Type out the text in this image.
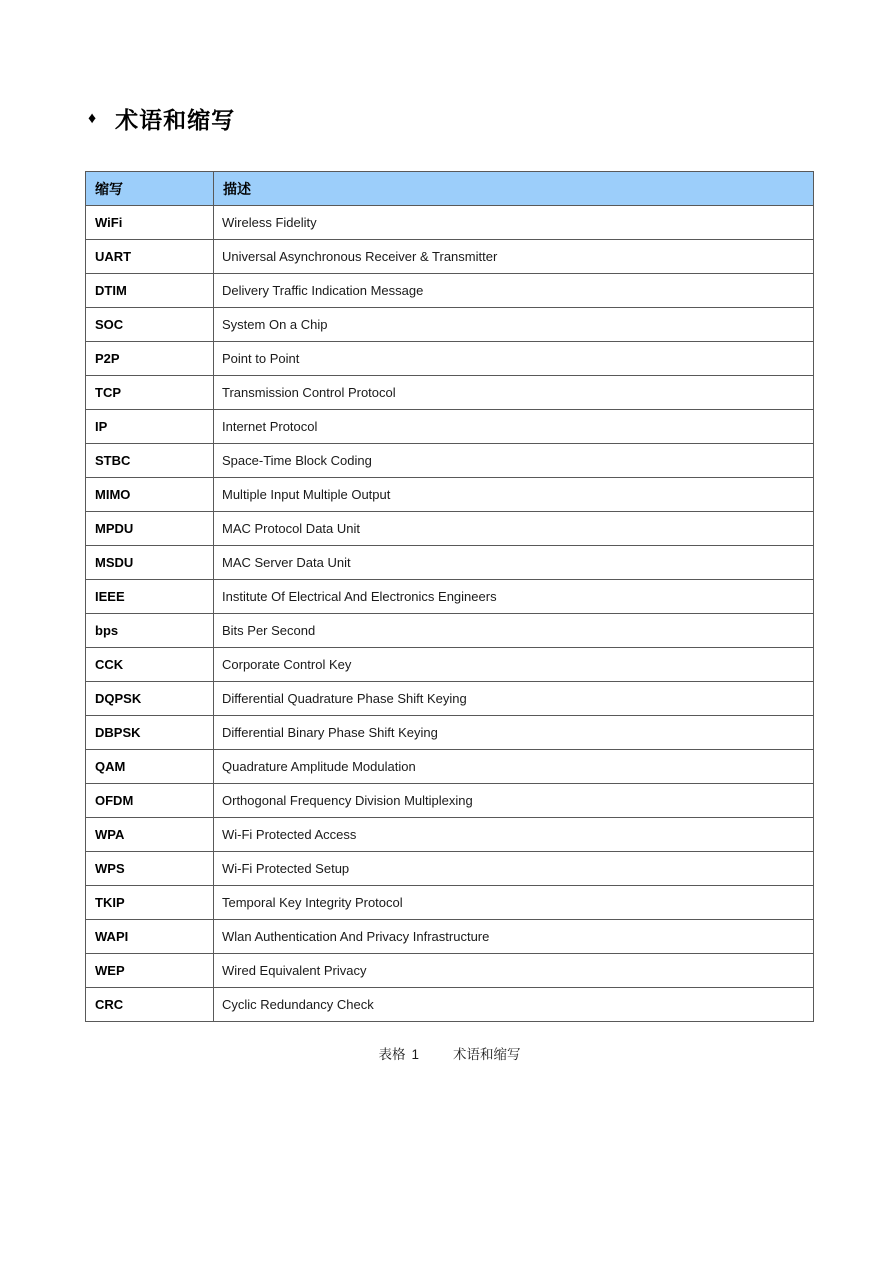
♦ 术语和缩写
缩写	描述
WiFi	Wireless Fidelity
UART	Universal Asynchronous Receiver & Transmitter
DTIM	Delivery Traffic Indication Message
SOC	System On a Chip
P2P	Point to Point
TCP	Transmission Control Protocol
IP	Internet Protocol
STBC	Space-Time Block Coding
MIMO	Multiple Input Multiple Output
MPDU	MAC Protocol Data Unit
MSDU	MAC Server Data Unit
IEEE	Institute Of Electrical And Electronics Engineers
bps	Bits Per Second
CCK	Corporate Control Key
DQPSK	Differential Quadrature Phase Shift Keying
DBPSK	Differential Binary Phase Shift Keying
QAM	Quadrature Amplitude Modulation
OFDM	Orthogonal Frequency Division Multiplexing
WPA	Wi-Fi Protected Access
WPS	Wi-Fi Protected Setup
TKIP	Temporal Key Integrity Protocol
WAPI	Wlan Authentication And Privacy Infrastructure
WEP	Wired Equivalent Privacy
CRC	Cyclic Redundancy Check
表格 1	术语和缩写
